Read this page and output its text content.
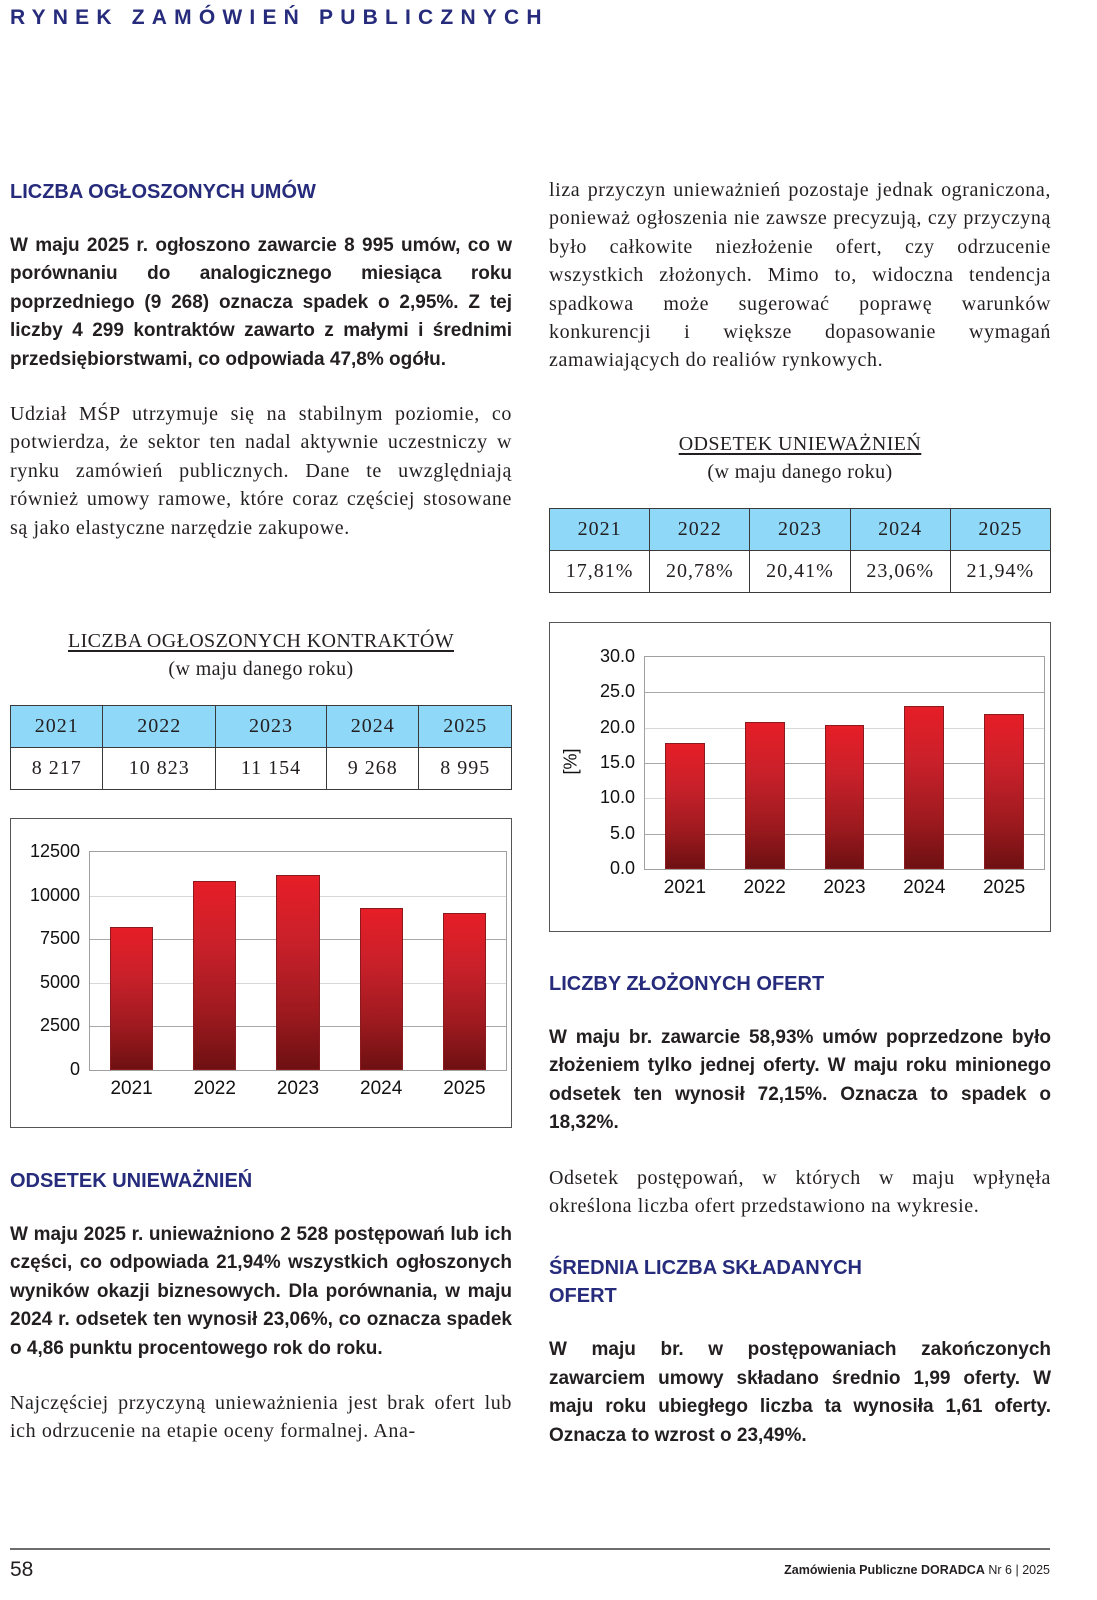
RYNEK ZAMÓWIEŃ PUBLICZNYCH
LICZBA OGŁOSZONYCH UMÓW
W maju 2025 r. ogłoszono zawarcie 8 995 umów, co w porównaniu do analogicznego miesiąca roku poprzedniego (9 268) oznacza spadek o 2,95%. Z tej liczby 4 299 kontraktów zawarto z małymi i średnimi przedsiębiorstwami, co odpowiada 47,8% ogółu.
Udział MŚP utrzymuje się na stabilnym poziomie, co potwierdza, że sektor ten nadal aktywnie uczestniczy w rynku zamówień publicznych. Dane te uwzględniają również umowy ramowe, które coraz częściej stosowane są jako elastyczne narzędzie zakupowe.
LICZBA OGŁOSZONYCH KONTRAKTÓW
(w maju danego roku)
2021	2022	2023	2024	2025
8 217	10 823	11 154	9 268	8 995
0
2500
5000
7500
10000
12500
2021	2022	2023	2024	2025
ODSETEK UNIEWAŻNIEŃ
W maju 2025 r. unieważniono 2 528 postępowań lub ich części, co odpowiada 21,94% wszystkich ogłoszonych wyników okazji biznesowych. Dla porównania, w maju 2024 r. odsetek ten wynosił 23,06%, co oznacza spadek o 4,86 punktu procentowego rok do roku.
Najczęściej przyczyną unieważnienia jest brak ofert lub ich odrzucenie na etapie oceny formalnej. Ana-
liza przyczyn unieważnień pozostaje jednak ograniczona, ponieważ ogłoszenia nie zawsze precyzują, czy przyczyną było całkowite niezłożenie ofert, czy odrzucenie wszystkich złożonych. Mimo to, widoczna tendencja spadkowa może sugerować poprawę warunków konkurencji i większe dopasowanie wymagań zamawiających do realiów rynkowych.
ODSETEK UNIEWAŻNIEŃ
(w maju danego roku)
2021	2022	2023	2024	2025
17,81%	20,78%	20,41%	23,06%	21,94%
[%]
0.0
5.0
10.0
15.0
20.0
25.0
30.0
2021	2022	2023	2024	2025
LICZBY ZŁOŻONYCH OFERT
W maju br. zawarcie 58,93% umów poprzedzone było złożeniem tylko jednej oferty. W maju roku minionego odsetek ten wynosił 72,15%. Oznacza to spadek o 18,32%.
Odsetek postępowań, w których w maju wpłynęła określona liczba ofert przedstawiono na wykresie.
ŚREDNIA LICZBA SKŁADANYCH
OFERT
W maju br. w postępowaniach zakończonych zawarciem umowy składano średnio 1,99 oferty. W maju roku ubiegłego liczba ta wynosiła 1,61 oferty. Oznacza to wzrost o 23,49%.
58	Zamówienia Publiczne DORADCA Nr 6 | 2025
